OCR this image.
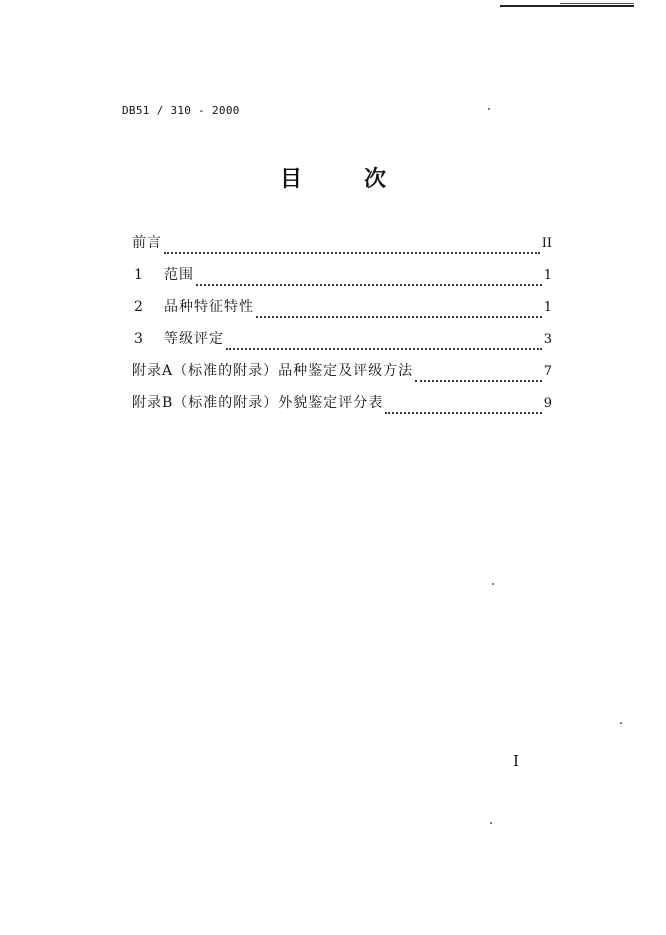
DB51 / 310 - 2000
目	次
前言	II
1	范围	1
2	品种特征特性	1
3	等级评定	3
附录A（标准的附录）品种鉴定及评级方法	7
附录B（标准的附录）外貌鉴定评分表	9
I
